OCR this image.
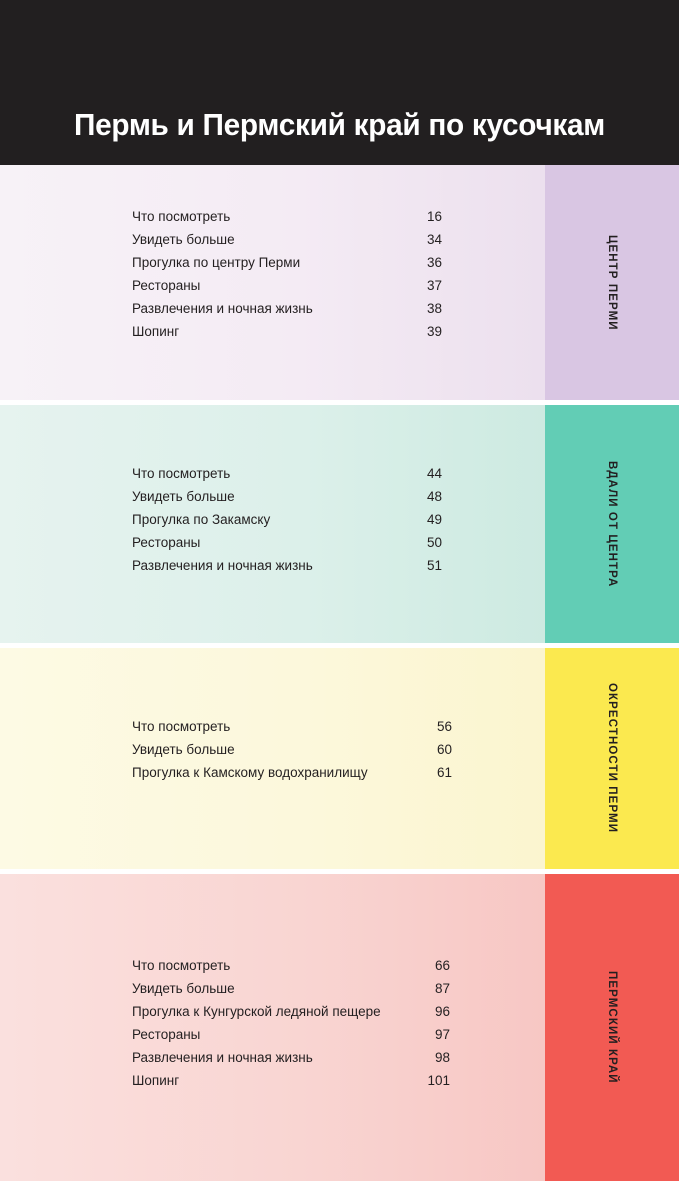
Пермь и Пермский край по кусочкам
Что посмотреть	16
Увидеть больше	34
Прогулка по центру Перми	36
Рестораны	37
Развлечения и ночная жизнь	38
Шопинг	39
ЦЕНТР ПЕРМИ
Что посмотреть	44
Увидеть больше	48
Прогулка по Закамску	49
Рестораны	50
Развлечения и ночная жизнь	51	ВДАЛИ ОТ ЦЕНТРА
Что посмотреть	56
Увидеть больше	60
Прогулка к Камскому водохранилищу	61	ОКРЕСТНОСТИ ПЕРМИ
Что посмотреть	66
Увидеть больше	87
Прогулка к Кунгурской ледяной пещере	96
Рестораны	97
Развлечения и ночная жизнь	98
Шопинг	101	ПЕРМСКИЙ КРАЙ
